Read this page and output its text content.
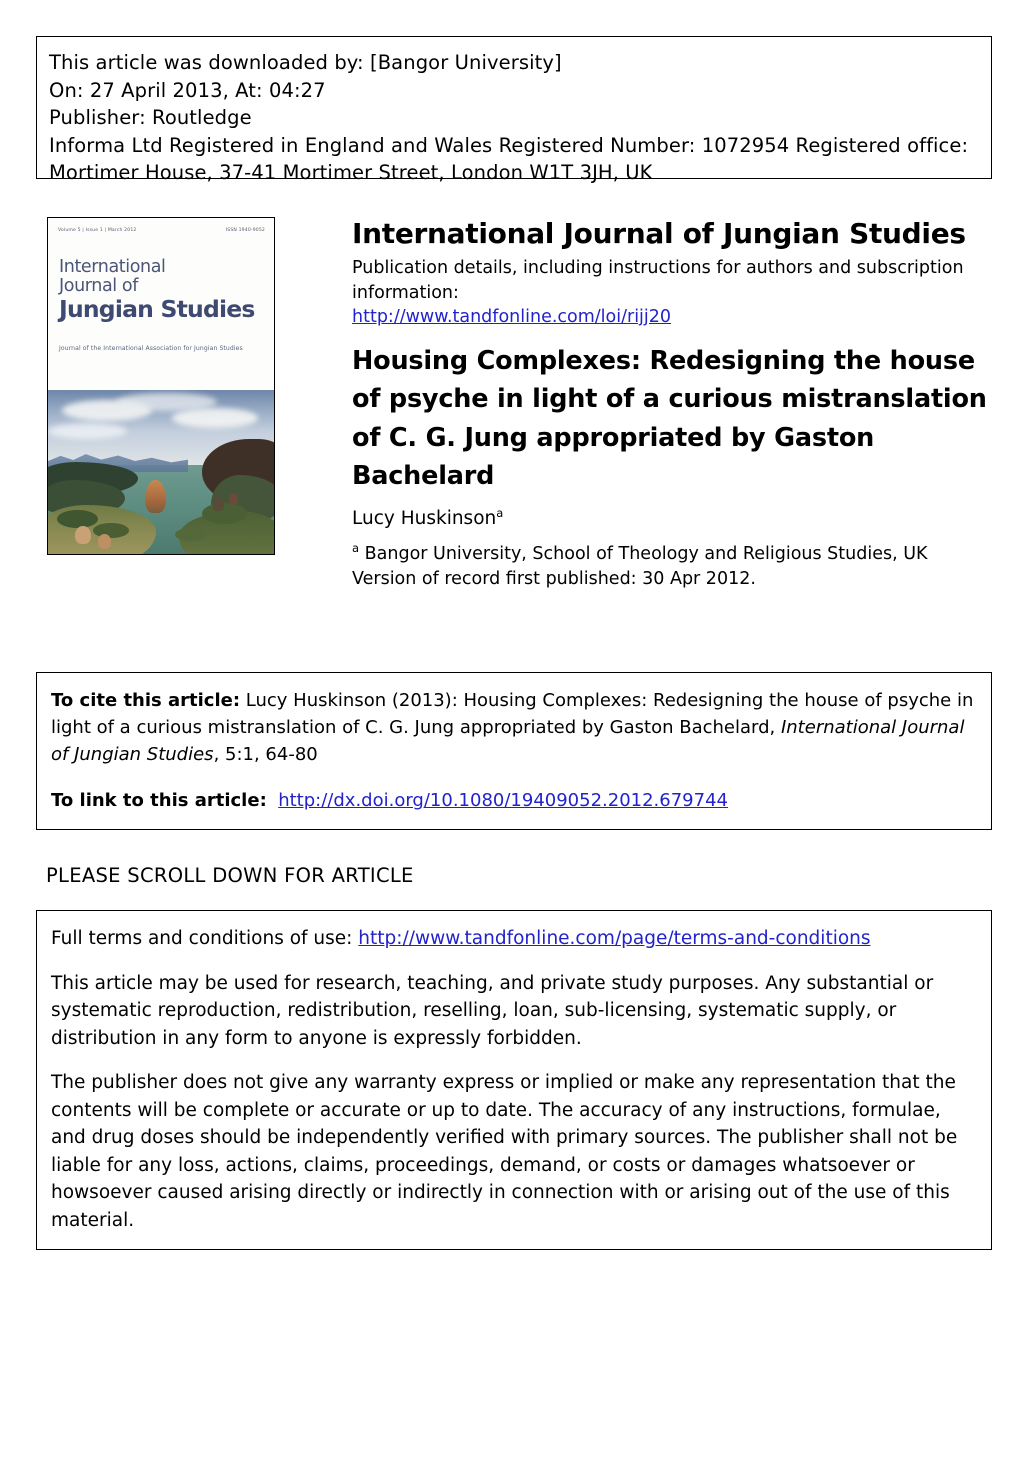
This article was downloaded by: [Bangor University]
On: 27 April 2013, At: 04:27
Publisher: Routledge
Informa Ltd Registered in England and Wales Registered Number: 1072954 Registered office: Mortimer House, 37-41 Mortimer Street, London W1T 3JH, UK
Volume 5 | Issue 1 | March 2012	ISSN 1940-9052
International
Journal of
Jungian Studies
Journal of the International Association for Jungian Studies
International Journal of Jungian Studies
Publication details, including instructions for authors and subscription information:
http://www.tandfonline.com/loi/rijj20
Housing Complexes: Redesigning the house of psyche in light of a curious mistranslation of C. G. Jung appropriated by Gaston Bachelard
Lucy Huskinson$^a$
$^a$ Bangor University, School of Theology and Religious Studies, UK
Version of record first published: 30 Apr 2012.
To cite this article: Lucy Huskinson (2013): Housing Complexes: Redesigning the house of psyche in light of a curious mistranslation of C. G. Jung appropriated by Gaston Bachelard, International Journal of Jungian Studies, 5:1, 64-80
To link to this article: http://dx.doi.org/10.1080/19409052.2012.679744
PLEASE SCROLL DOWN FOR ARTICLE
Full terms and conditions of use: http://www.tandfonline.com/page/terms-and-conditions
This article may be used for research, teaching, and private study purposes. Any substantial or systematic reproduction, redistribution, reselling, loan, sub-licensing, systematic supply, or distribution in any form to anyone is expressly forbidden.
The publisher does not give any warranty express or implied or make any representation that the contents will be complete or accurate or up to date. The accuracy of any instructions, formulae, and drug doses should be independently verified with primary sources. The publisher shall not be liable for any loss, actions, claims, proceedings, demand, or costs or damages whatsoever or howsoever caused arising directly or indirectly in connection with or arising out of the use of this material.
